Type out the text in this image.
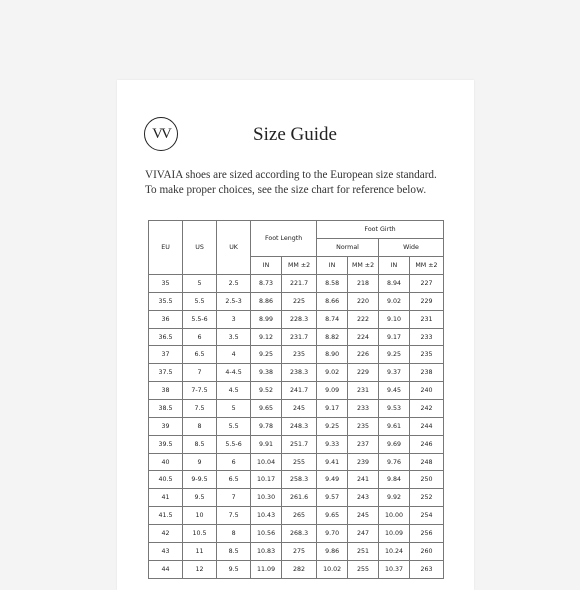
VV	Size Guide
VIVAIA shoes are sized according to the European size standard.
To make proper choices, see the size chart for reference below.
EU	US	UK	Foot Length		Foot Girth			
					Normal		Wide	
			IN	MM ±2	IN	MM ±2	IN	MM ±2
35	5	2.5	8.73	221.7	8.58	218	8.94	227
35.5	5.5	2.5-3	8.86	225	8.66	220	9.02	229
36	5.5-6	3	8.99	228.3	8.74	222	9.10	231
36.5	6	3.5	9.12	231.7	8.82	224	9.17	233
37	6.5	4	9.25	235	8.90	226	9.25	235
37.5	7	4-4.5	9.38	238.3	9.02	229	9.37	238
38	7-7.5	4.5	9.52	241.7	9.09	231	9.45	240
38.5	7.5	5	9.65	245	9.17	233	9.53	242
39	8	5.5	9.78	248.3	9.25	235	9.61	244
39.5	8.5	5.5-6	9.91	251.7	9.33	237	9.69	246
40	9	6	10.04	255	9.41	239	9.76	248
40.5	9-9.5	6.5	10.17	258.3	9.49	241	9.84	250
41	9.5	7	10.30	261.6	9.57	243	9.92	252
41.5	10	7.5	10.43	265	9.65	245	10.00	254
42	10.5	8	10.56	268.3	9.70	247	10.09	256
43	11	8.5	10.83	275	9.86	251	10.24	260
44	12	9.5	11.09	282	10.02	255	10.37	263
